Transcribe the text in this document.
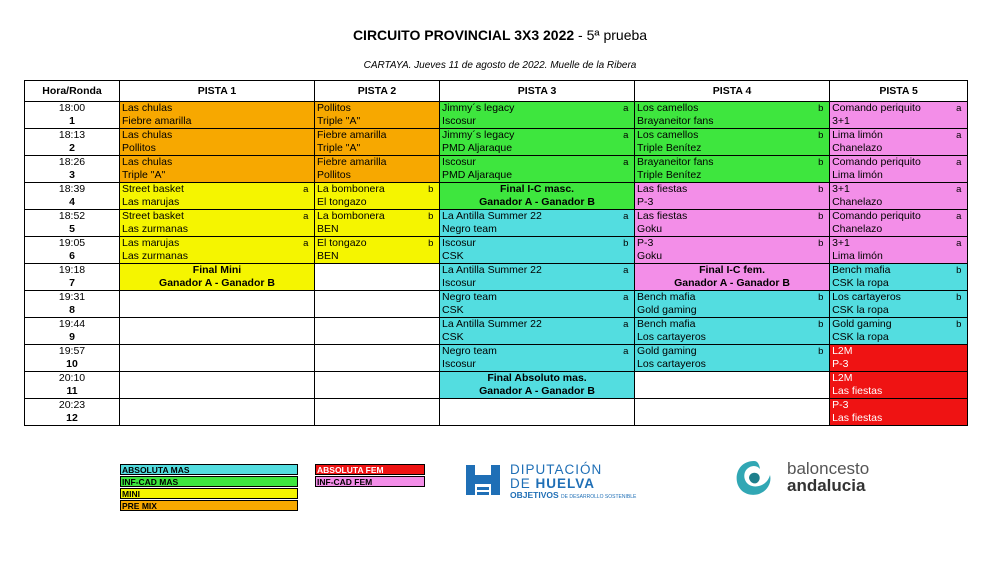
CIRCUITO PROVINCIAL 3X3 2022 - 5ª prueba
CARTAYA. Jueves 11 de agosto de 2022. Muelle de la Ribera
Hora/Ronda	PISTA 1		PISTA 2		PISTA 3		PISTA 4		PISTA 5	
18:00	Las chulas		Pollitos		Jimmy´s legacy	a	Los camellos	b	Comando periquito	a
1	Fiebre amarilla		Triple "A"		Iscosur		Brayaneitor fans		3+1	
18:13	Las chulas		Fiebre amarilla		Jimmy´s legacy	a	Los camellos	b	Lima limón	a
2	Pollitos		Triple "A"		PMD Aljaraque		Triple Benítez		Chanelazo	
18:26	Las chulas		Fiebre amarilla		Iscosur	a	Brayaneitor fans	b	Comando periquito	a
3	Triple "A"		Pollitos		PMD Aljaraque		Triple Benítez		Lima limón	
18:39	Street basket	a	La bombonera	b	Final I-C masc.		Las fiestas	b	3+1	a
4	Las marujas		El tongazo		Ganador A - Ganador B		P-3		Chanelazo	
18:52	Street basket	a	La bombonera	b	La Antilla Summer 22	a	Las fiestas	b	Comando periquito	a
5	Las zurmanas		BEN		Negro team		Goku		Chanelazo	
19:05	Las marujas	a	El tongazo	b	Iscosur	b	P-3	b	3+1	a
6	Las zurmanas		BEN		CSK		Goku		Lima limón	
19:18	Final Mini				La Antilla Summer 22	a	Final I-C fem.		Bench mafia	b
7	Ganador A - Ganador B				Iscosur		Ganador A - Ganador B		CSK la ropa	
19:31					Negro team	a	Bench mafia	b	Los cartayeros	b
8					CSK		Gold gaming		CSK la ropa	
19:44					La Antilla Summer 22	a	Bench mafia	b	Gold gaming	b
9					CSK		Los cartayeros		CSK la ropa	
19:57					Negro team	a	Gold gaming	b	L2M	
10					Iscosur		Los cartayeros		P-3	
20:10					Final Absoluto mas.				L2M	
11					Ganador A - Ganador B				Las fiestas	
20:23									P-3	
12									Las fiestas	
ABSOLUTA MAS
INF-CAD MAS
MINI
PRE MIX
ABSOLUTA FEM
INF-CAD FEM
DIPUTACIÓN
DE HUELVA
OBJETIVOS DE DESARROLLO SOSTENIBLE
baloncesto
andalucia
